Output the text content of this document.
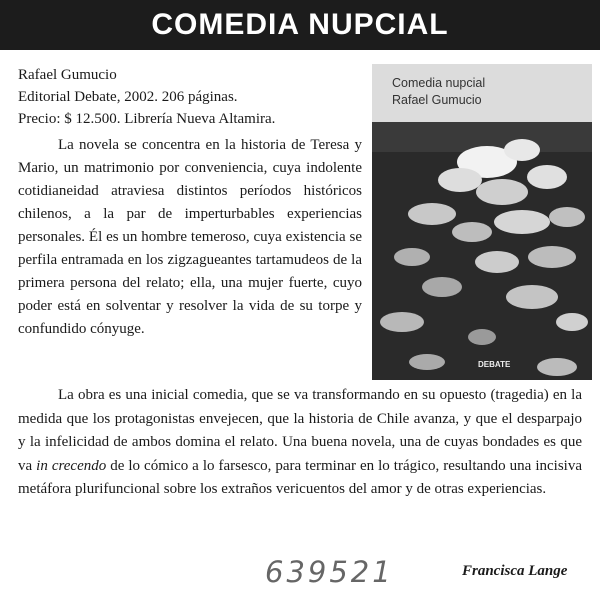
COMEDIA NUPCIAL
Rafael Gumucio
Editorial Debate, 2002. 206 páginas.
Precio: $ 12.500. Librería Nueva Altamira.

La novela se concentra en la historia de Teresa y Mario, un matrimonio por conveniencia, cuya indolente cotidianeidad atraviesa distintos períodos históricos chilenos, a la par de imperturbables experiencias personales. Él es un hombre temeroso, cuya existencia se perfila entramada en los zigzagueantes tartamudeos de la primera persona del relato; ella, una mujer fuerte, cuyo poder está en solventar y resolver la vida de su torpe y confundido cónyuge.

La obra es una inicial comedia, que se va transformando en su opuesto (tragedia) en la medida que los protagonistas envejecen, que la historia de Chile avanza, y que el desparpajo y la infelicidad de ambos domina el relato. Una buena novela, una de cuyas bondades es que va in crecendo de lo cómico a lo farsesco, para terminar en lo trágico, resultando una incisiva metáfora plurifuncional sobre los extraños vericuentos del amor y de otras experiencias.

Comedia nupcial
Rafael Gumucio
DEBATE
639521	Francisca Lange
